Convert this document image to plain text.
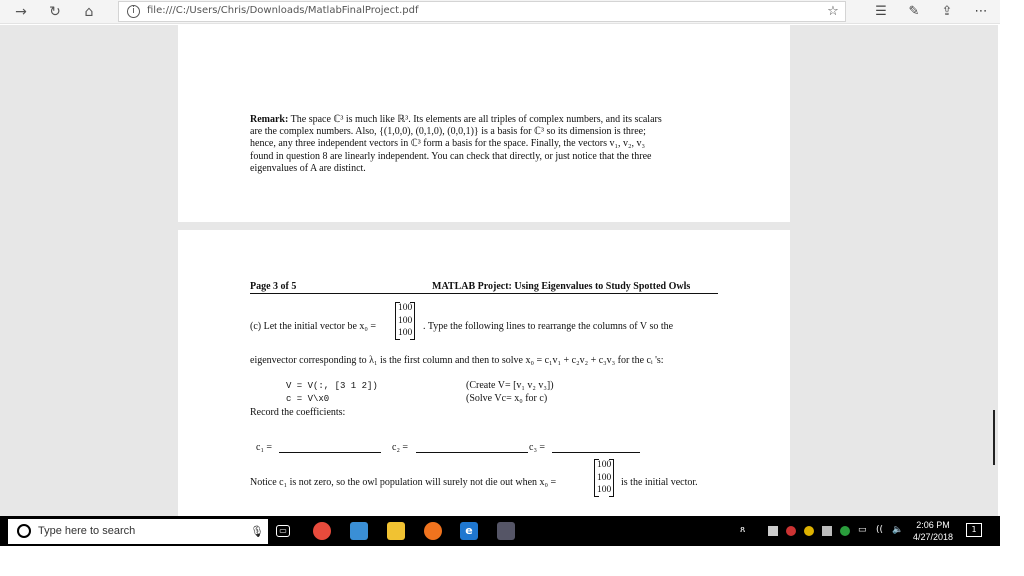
→	↻	⌂	i	file:///C:/Users/Chris/Downloads/MatlabFinalProject.pdf	☆	☰	✎	⇪	⋯
Remark: The space ℂ³ is much like ℝ³. Its elements are all triples of complex numbers, and its scalars
are the complex numbers. Also, {(1,0,0), (0,1,0), (0,0,1)} is a basis for ℂ³ so its dimension is three;
hence, any three independent vectors in ℂ³ form a basis for the space. Finally, the vectors v₁, v₂, v₃
found in question 8 are linearly independent. You can check that directly, or just notice that the three
eigenvalues of A are distinct.
Page 3 of 5	MATLAB Project: Using Eigenvalues to Study Spotted Owls
(c) Let the initial vector be x₀ =
100
100
100
. Type the following lines to rearrange the columns of V so the
eigenvector corresponding to λ₁ is the first column and then to solve x₀ = c₁v₁ + c₂v₂ + c₃v₃ for the cᵢ 's:
V = V(:, [3 1 2])	(Create V= [v₁ v₂ v₃])
c = V\x0	(Solve Vc= x₀ for c)
Record the coefficients:
c₁ =	c₂ =	c₃ =
Notice c₁ is not zero, so the owl population will surely not die out when x₀ =
100
100
100
is the initial vector.
Type here to search	🎙	▭	e	ጸ	▭ (( 🔈	2:06 PM
4/27/2018
1
